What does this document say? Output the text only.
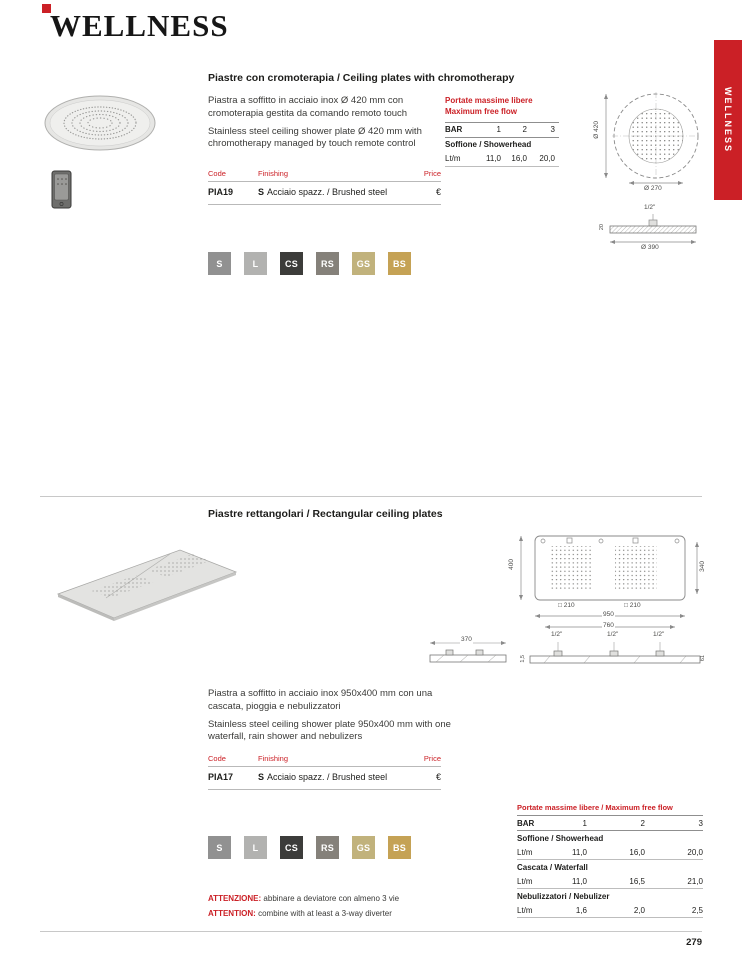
WELLNESS
WELLNESS
Piastre con cromoterapia / Ceiling plates with chromotherapy

Piastra a soffitto in acciaio inox Ø 420 mm con cromoterapia gestita da comando remoto touch

Stainless steel ceiling shower plate Ø 420 mm with chromotherapy managed by touch remote control

Portate massime libere
Maximum free flow
BAR	1	2	3
Soffione / Showerhead
Lt/m	11,0	16,0	20,0
Ø 420
Ø 270
1/2"
20
Ø 390
Code	Finishing	Price
PIA19	S Acciaio spazz. / Brushed steel	€
S	L	CS	RS	GS	BS
Piastre rettangolari / Rectangular ceiling plates
400	340
□ 210	□ 210
950
760
370
1/2"	1/2"	1/2"
1,5	61

Piastra a soffitto in acciaio inox 950x400 mm con una cascata, pioggia e nebulizzatori

Stainless steel ceiling shower plate 950x400 mm with one waterfall, rain shower and nebulizers

Code	Finishing	Price
PIA17	S Acciaio spazz. / Brushed steel	€
S	L	CS	RS	GS	BS
ATTENZIONE: abbinare a deviatore con almeno 3 vie
ATTENTION: combine with at least a 3-way diverter
Portate massime libere / Maximum free flow
BAR	1	2	3
Soffione / Showerhead
Lt/m	11,0	16,0	20,0
Cascata / Waterfall
Lt/m	11,0	16,5	21,0
Nebulizzatori / Nebulizer
Lt/m	1,6	2,0	2,5
279
